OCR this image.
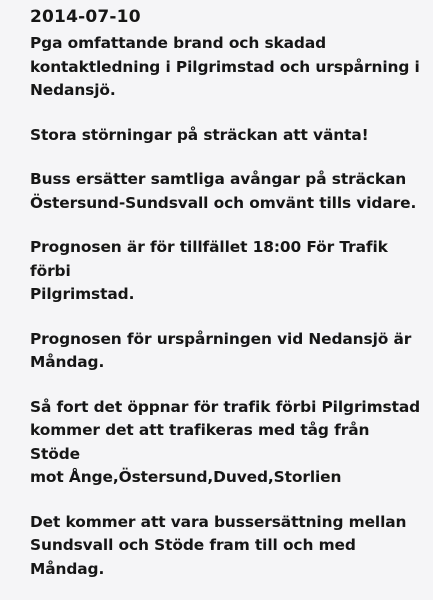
2014-07-10
Pga omfattande brand och skadad
kontaktledning i Pilgrimstad och urspårning i
Nedansjö.
Stora störningar på sträckan att vänta!
Buss ersätter samtliga avångar på sträckan
Östersund-Sundsvall och omvänt tills vidare.
Prognosen är för tillfället 18:00 För Trafik förbi
Pilgrimstad.
Prognosen för urspårningen vid Nedansjö är
Måndag.
Så fort det öppnar för trafik förbi Pilgrimstad
kommer det att trafikeras med tåg från Stöde
mot Ånge,Östersund,Duved,Storlien
Det kommer att vara bussersättning mellan
Sundsvall och Stöde fram till och med Måndag.
